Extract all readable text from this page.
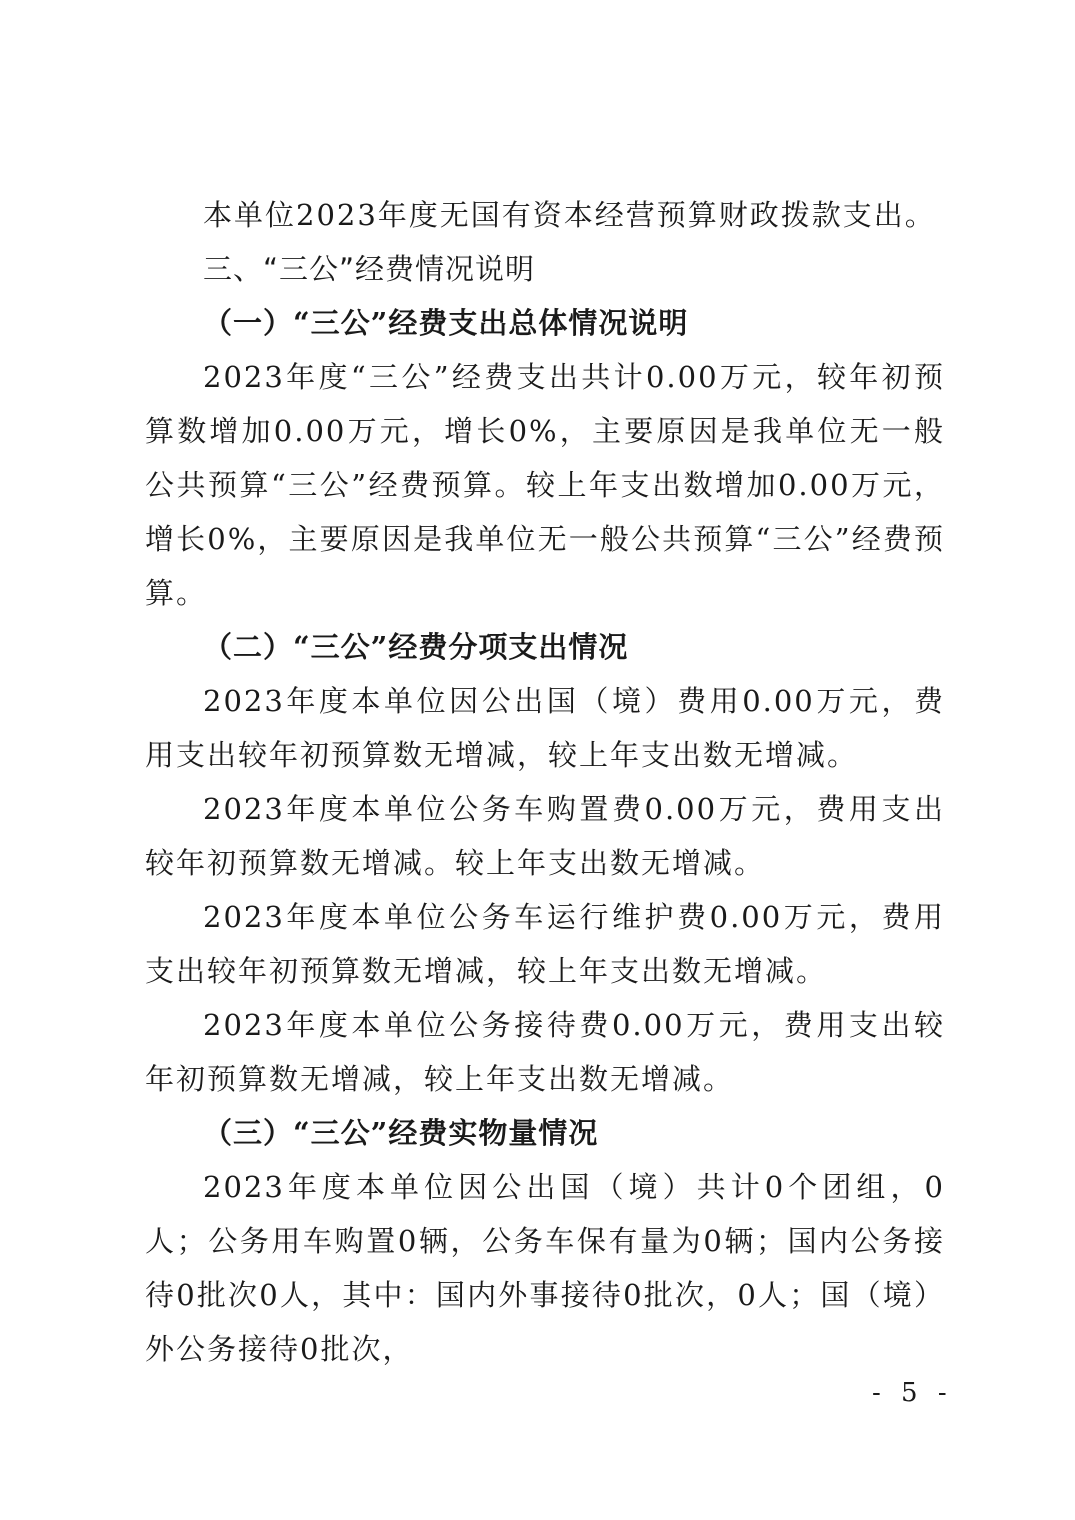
本单位2023年度无国有资本经营预算财政拨款支出。

三、“三公”经费情况说明

（一）“三公”经费支出总体情况说明

2023年度“三公”经费支出共计0.00万元，较年初预算数增加0.00万元，增长0%，主要原因是我单位无一般公共预算“三公”经费预算。较上年支出数增加0.00万元，增长0%，主要原因是我单位无一般公共预算“三公”经费预算。

（二）“三公”经费分项支出情况

2023年度本单位因公出国（境）费用0.00万元，费用支出较年初预算数无增减，较上年支出数无增减。

2023年度本单位公务车购置费0.00万元，费用支出较年初预算数无增减。较上年支出数无增减。

2023年度本单位公务车运行维护费0.00万元，费用支出较年初预算数无增减，较上年支出数无增减。

2023年度本单位公务接待费0.00万元，费用支出较年初预算数无增减，较上年支出数无增减。

（三）“三公”经费实物量情况

2023年度本单位因公出国（境）共计0个团组，0人；公务用车购置0辆，公务车保有量为0辆；国内公务接待0批次0人，其中：国内外事接待0批次，0人；国（境）外公务接待0批次，

- 5 -
